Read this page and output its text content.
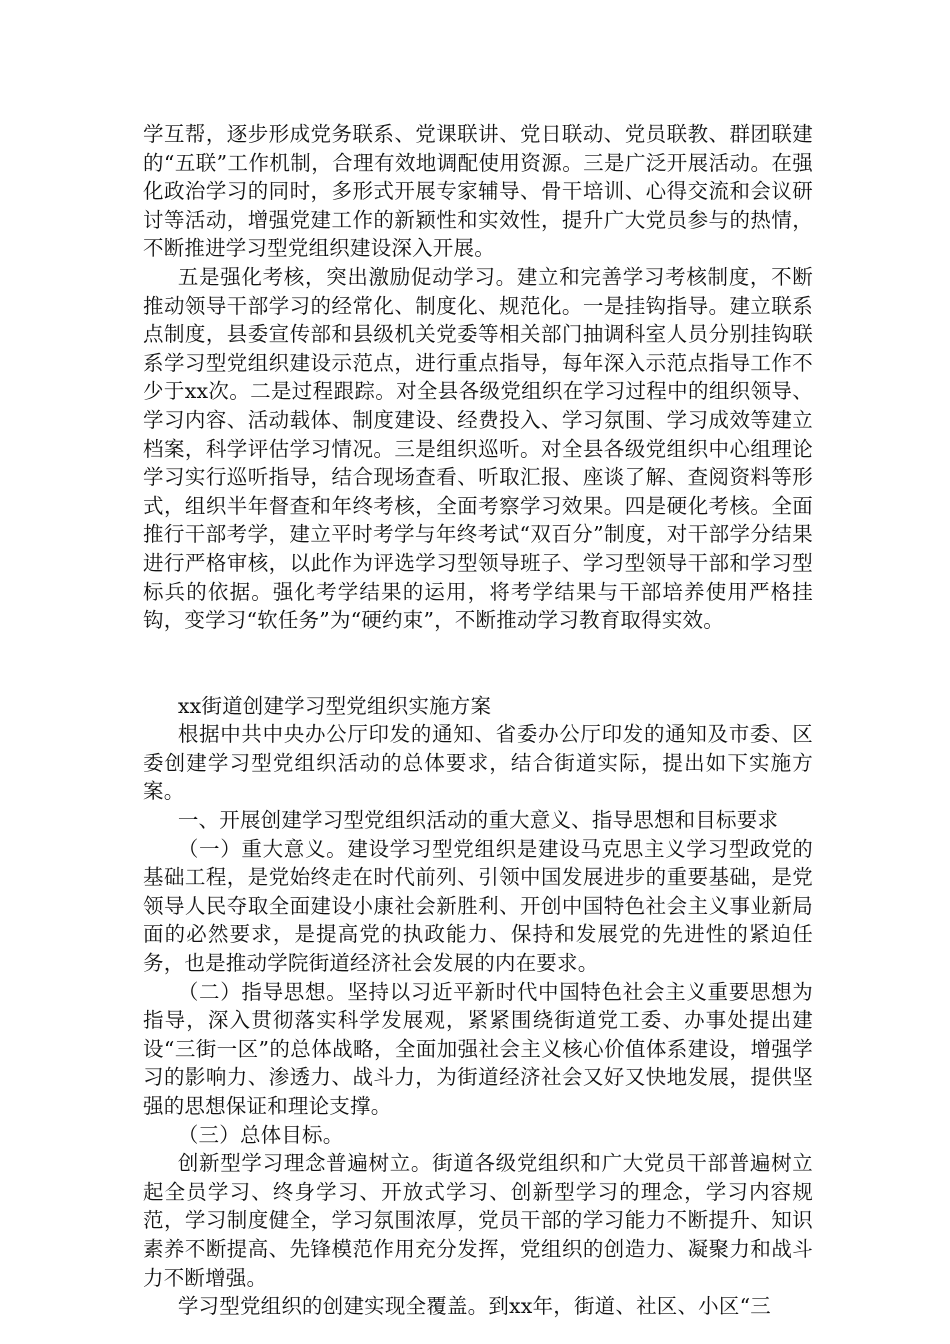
学互帮，逐步形成党务联系、党课联讲、党日联动、党员联教、群团联建的“五联”工作机制，合理有效地调配使用资源。三是广泛开展活动。在强化政治学习的同时，多形式开展专家辅导、骨干培训、心得交流和会议研讨等活动，增强党建工作的新颖性和实效性，提升广大党员参与的热情，不断推进学习型党组织建设深入开展。

五是强化考核，突出激励促动学习。建立和完善学习考核制度，不断推动领导干部学习的经常化、制度化、规范化。一是挂钩指导。建立联系点制度，县委宣传部和县级机关党委等相关部门抽调科室人员分别挂钩联系学习型党组织建设示范点，进行重点指导，每年深入示范点指导工作不少于xx次。二是过程跟踪。对全县各级党组织在学习过程中的组织领导、学习内容、活动载体、制度建设、经费投入、学习氛围、学习成效等建立档案，科学评估学习情况。三是组织巡听。对全县各级党组织中心组理论学习实行巡听指导，结合现场查看、听取汇报、座谈了解、查阅资料等形式，组织半年督查和年终考核，全面考察学习效果。四是硬化考核。全面推行干部考学，建立平时考学与年终考试“双百分”制度，对干部学分结果进行严格审核，以此作为评选学习型领导班子、学习型领导干部和学习型标兵的依据。强化考学结果的运用，将考学结果与干部培养使用严格挂钩，变学习“软任务”为“硬约束”，不断推动学习教育取得实效。

xx街道创建学习型党组织实施方案

根据中共中央办公厅印发的通知、省委办公厅印发的通知及市委、区委创建学习型党组织活动的总体要求，结合街道实际，提出如下实施方案。

一、开展创建学习型党组织活动的重大意义、指导思想和目标要求

（一）重大意义。建设学习型党组织是建设马克思主义学习型政党的基础工程，是党始终走在时代前列、引领中国发展进步的重要基础，是党领导人民夺取全面建设小康社会新胜利、开创中国特色社会主义事业新局面的必然要求，是提高党的执政能力、保持和发展党的先进性的紧迫任务，也是推动学院街道经济社会发展的内在要求。

（二）指导思想。坚持以习近平新时代中国特色社会主义重要思想为指导，深入贯彻落实科学发展观，紧紧围绕街道党工委、办事处提出建设“三街一区”的总体战略，全面加强社会主义核心价值体系建设，增强学习的影响力、渗透力、战斗力，为街道经济社会又好又快地发展，提供坚强的思想保证和理论支撑。

（三）总体目标。

创新型学习理念普遍树立。街道各级党组织和广大党员干部普遍树立起全员学习、终身学习、开放式学习、创新型学习的理念，学习内容规范，学习制度健全，学习氛围浓厚，党员干部的学习能力不断提升、知识素养不断提高、先锋模范作用充分发挥，党组织的创造力、凝聚力和战斗力不断增强。

学习型党组织的创建实现全覆盖。到xx年，街道、社区、小区“三
